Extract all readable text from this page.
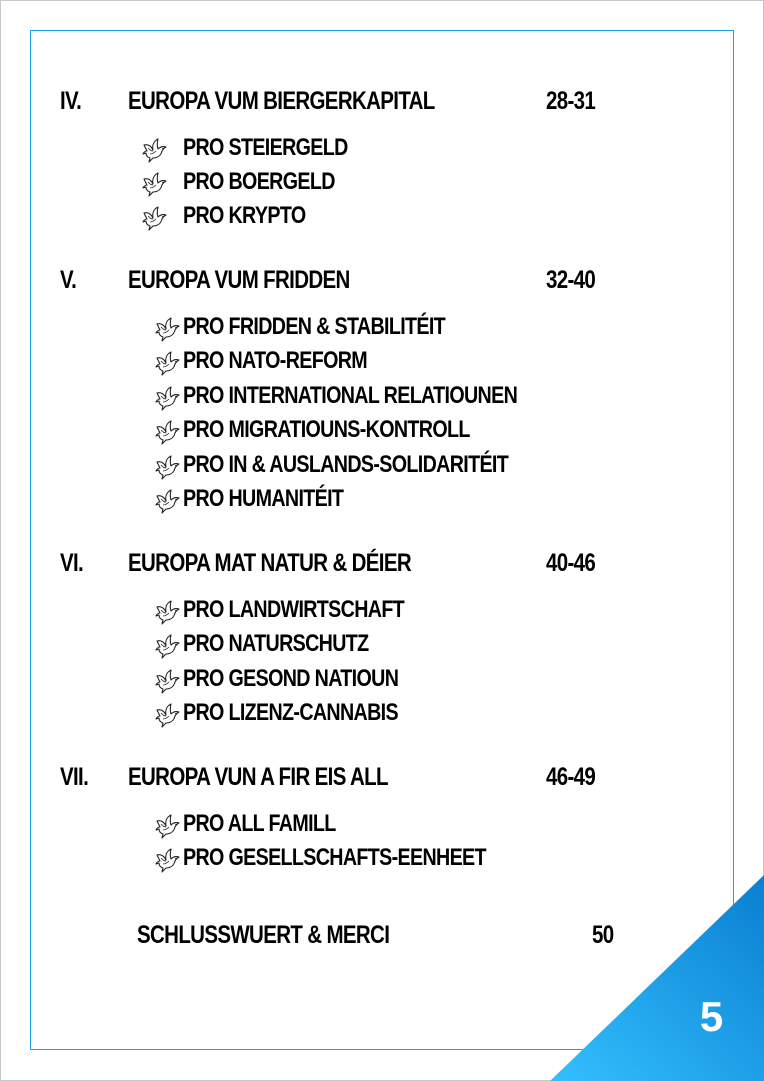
5
IV. EUROPA VUM BIERGERKAPITAL	28-31
PRO STEIERGELD
PRO BOERGELD
PRO KRYPTO
V. EUROPA VUM FRIDDEN	32-40
PRO FRIDDEN & STABILITÉIT
PRO NATO-REFORM
PRO INTERNATIONAL RELATIOUNEN
PRO MIGRATIOUNS-KONTROLL
PRO IN & AUSLANDS-SOLIDARITÉIT
PRO HUMANITÉIT
VI. EUROPA MAT NATUR & DÉIER	40-46
PRO LANDWIRTSCHAFT
PRO NATURSCHUTZ
PRO GESOND NATIOUN
PRO LIZENZ-CANNABIS
VII. EUROPA VUN A FIR EIS ALL	46-49
PRO ALL FAMILL
PRO GESELLSCHAFTS-EENHEET
SCHLUSSWUERT & MERCI	50
